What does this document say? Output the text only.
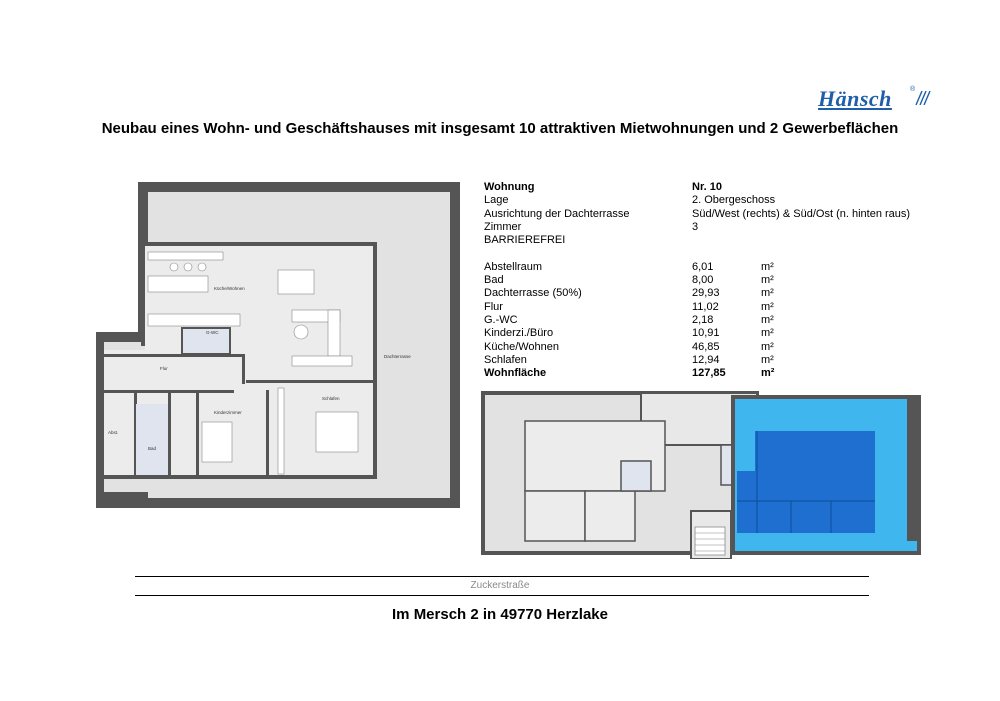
Hänsch	®
Neubau eines Wohn- und Geschäftshauses mit insgesamt 10 attraktiven Mietwohnungen und 2 Gewerbeflächen
Wohnung	Nr. 10
Lage	2. Obergeschoss
Ausrichtung der Dachterrasse	Süd/West (rechts) & Süd/Ost (n. hinten raus)
Zimmer	3
BARRIEREFREI
Abstellraum	6,01	m²
Bad	8,00	m²
Dachterrasse (50%)	29,93	m²
Flur	11,02	m²
G.-WC	2,18	m²
Kinderzi./Büro	10,91	m²
Küche/Wohnen	46,85	m²
Schlafen	12,94	m²
Wohnfläche	127,85	m²
Küche/Wohnen
G-WC
Dachterrasse
Flur
Kinderzimmer
Schlafen
Abst.
Bad
Zuckerstraße
Im Mersch 2 in 49770 Herzlake
